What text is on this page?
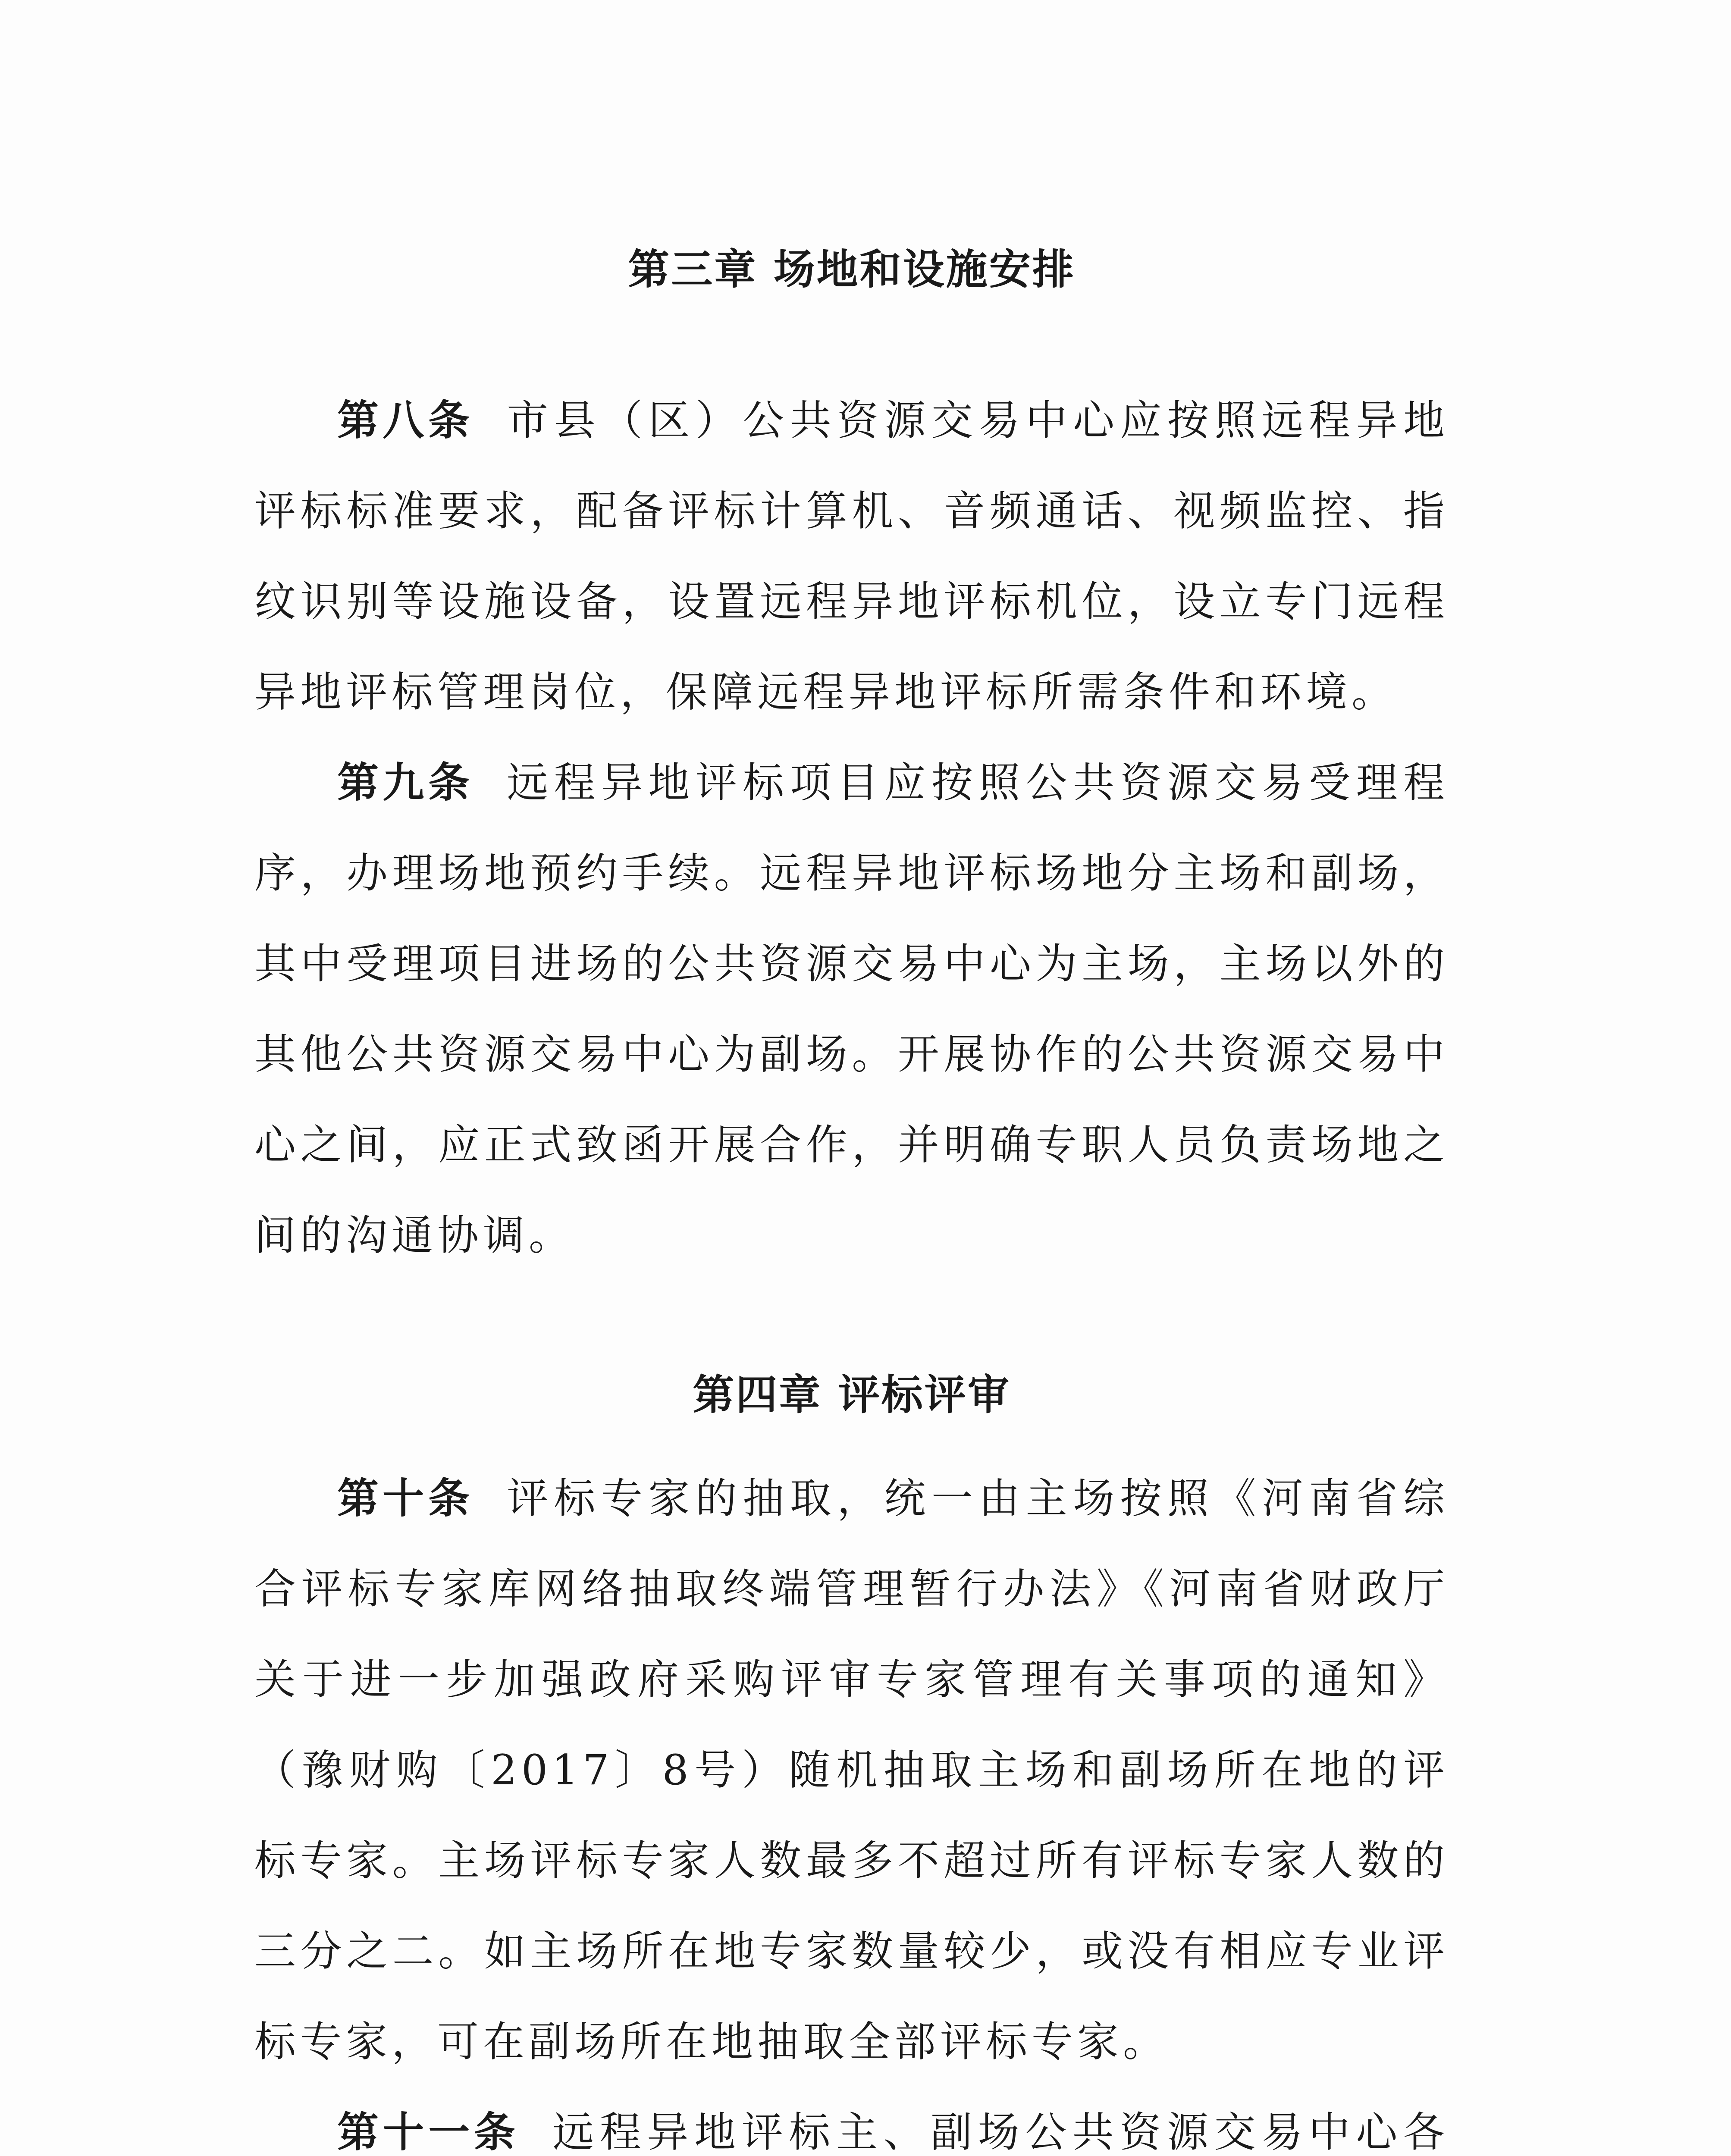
第三章 场地和设施安排

第八条 市县（区）公共资源交易中心应按照远程异地评标标准要求，配备评标计算机、音频通话、视频监控、指纹识别等设施设备，设置远程异地评标机位，设立专门远程异地评标管理岗位，保障远程异地评标所需条件和环境。

第九条 远程异地评标项目应按照公共资源交易受理程序，办理场地预约手续。远程异地评标场地分主场和副场，其中受理项目进场的公共资源交易中心为主场，主场以外的其他公共资源交易中心为副场。开展协作的公共资源交易中心之间，应正式致函开展合作，并明确专职人员负责场地之间的沟通协调。

第四章 评标评审

第十条 评标专家的抽取，统一由主场按照《河南省综合评标专家库网络抽取终端管理暂行办法》《河南省财政厅关于进一步加强政府采购评审专家管理有关事项的通知》（豫财购〔2017〕8号）随机抽取主场和副场所在地的评标专家。主场评标专家人数最多不超过所有评标专家人数的三分之二。如主场所在地专家数量较少，或没有相应专业评标专家，可在副场所在地抽取全部评标专家。

第十一条 远程异地评标主、副场公共资源交易中心各
